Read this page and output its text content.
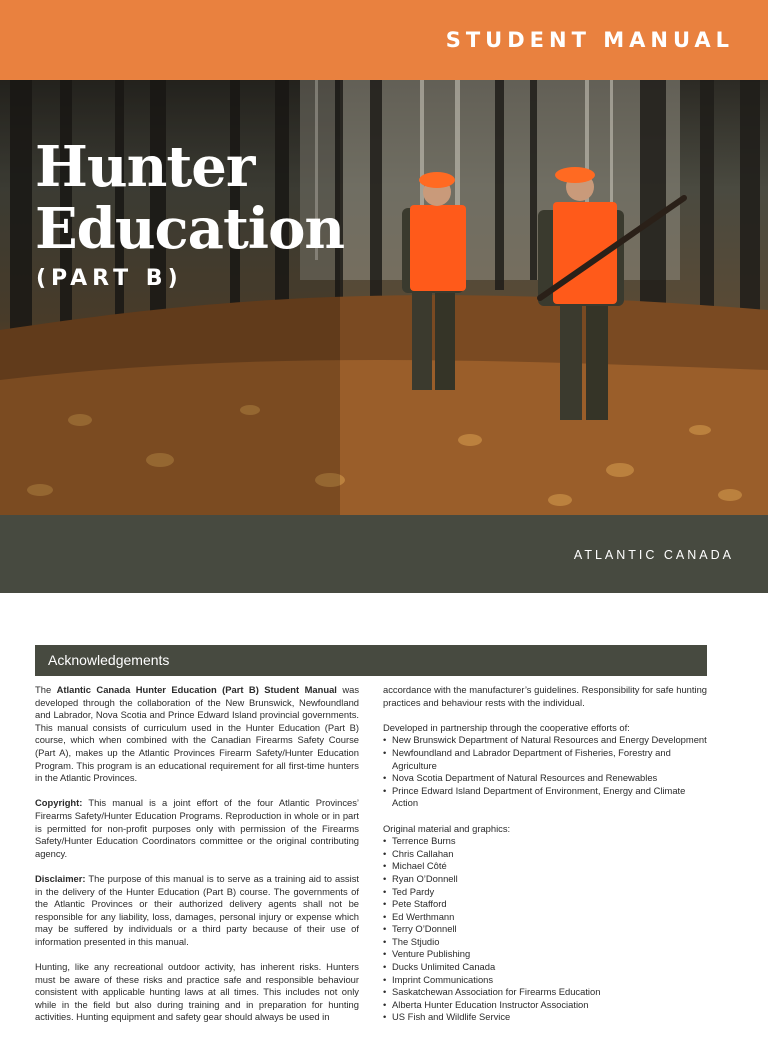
STUDENT MANUAL
Hunter
Education
(PART B)
ATLANTIC CANADA
Acknowledgements

The Atlantic Canada Hunter Education (Part B) Student Manual was developed through the collaboration of the New Brunswick, Newfoundland and Labrador, Nova Scotia and Prince Edward Island provincial governments. This manual consists of curriculum used in the Hunter Education (Part B) course, which when combined with the Canadian Firearms Safety Course (Part A), makes up the Atlantic Provinces Firearm Safety/Hunter Education Program. This program is an educational requirement for all first-time hunters in the Atlantic Provinces.

Copyright: This manual is a joint effort of the four Atlantic Provinces’ Firearms Safety/Hunter Education Programs. Reproduction in whole or in part is permitted for non-profit purposes only with permission of the Firearms Safety/Hunter Education Coordinators committee or the original contributing agency.

Disclaimer: The purpose of this manual is to serve as a training aid to assist in the delivery of the Hunter Education (Part B) course. The governments of the Atlantic Provinces or their authorized delivery agents shall not be responsible for any liability, loss, damages, personal injury or expense which may be suffered by individuals or a third party because of their use of information presented in this manual.

Hunting, like any recreational outdoor activity, has inherent risks. Hunters must be aware of these risks and practice safe and responsible behaviour consistent with applicable hunting laws at all times. This includes not only while in the field but also during training and in preparation for hunting activities. Hunting equipment and safety gear should always be used in

accordance with the manufacturer’s guidelines. Responsibility for safe hunting practices and behaviour rests with the individual.

Developed in partnership through the cooperative efforts of:
• New Brunswick Department of Natural Resources and Energy Development
• Newfoundland and Labrador Department of Fisheries, Forestry and Agriculture
• Nova Scotia Department of Natural Resources and Renewables
• Prince Edward Island Department of Environment, Energy and Climate Action
Original material and graphics:
• Terrence Burns
• Chris Callahan
• Michael Côté
• Ryan O’Donnell
• Ted Pardy
• Pete Stafford
• Ed Werthmann
• Terry O’Donnell
• The Stjudio
• Venture Publishing
• Ducks Unlimited Canada
• Imprint Communications
• Saskatchewan Association for Firearms Education
• Alberta Hunter Education Instructor Association
• US Fish and Wildlife Service
